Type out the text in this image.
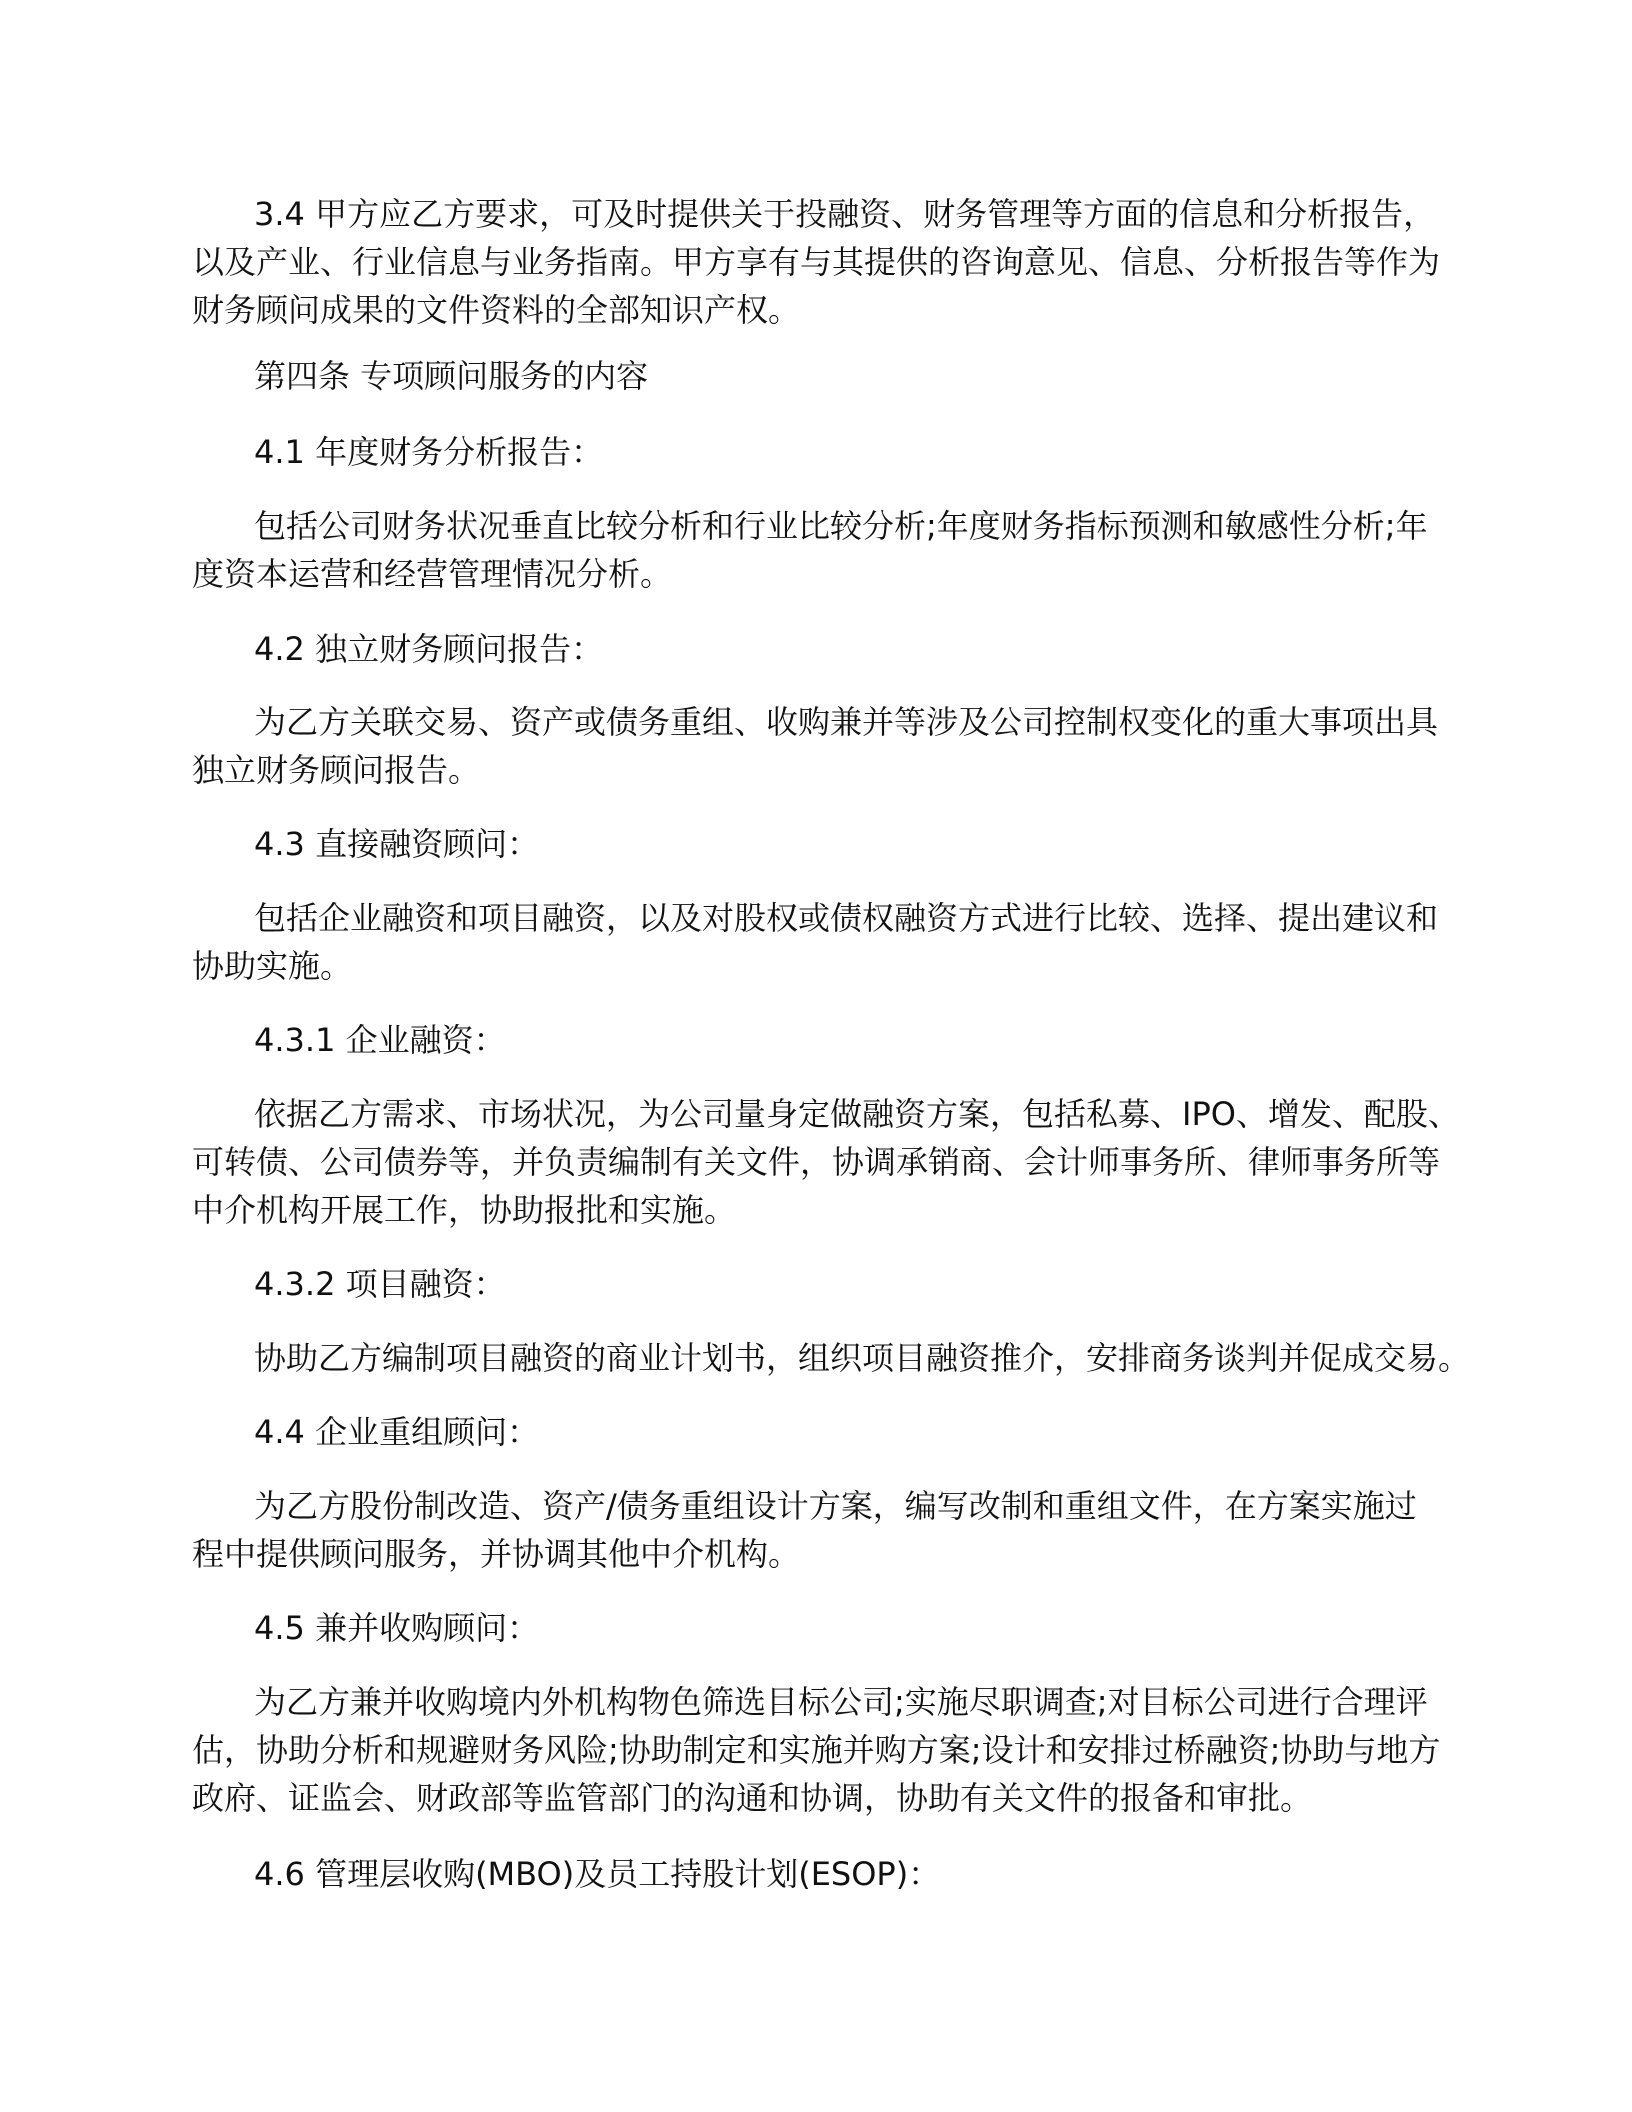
3.4 甲方应乙方要求，可及时提供关于投融资、财务管理等方面的信息和分析报告，
以及产业、行业信息与业务指南。甲方享有与其提供的咨询意见、信息、分析报告等作为
财务顾问成果的文件资料的全部知识产权。

第四条 专项顾问服务的内容

4.1 年度财务分析报告：

包括公司财务状况垂直比较分析和行业比较分析;年度财务指标预测和敏感性分析;年
度资本运营和经营管理情况分析。

4.2 独立财务顾问报告：

为乙方关联交易、资产或债务重组、收购兼并等涉及公司控制权变化的重大事项出具
独立财务顾问报告。

4.3 直接融资顾问：

包括企业融资和项目融资，以及对股权或债权融资方式进行比较、选择、提出建议和
协助实施。

4.3.1 企业融资：

依据乙方需求、市场状况，为公司量身定做融资方案，包括私募、IPO、增发、配股、
可转债、公司债券等，并负责编制有关文件，协调承销商、会计师事务所、律师事务所等
中介机构开展工作，协助报批和实施。

4.3.2 项目融资：

协助乙方编制项目融资的商业计划书，组织项目融资推介，安排商务谈判并促成交易。

4.4 企业重组顾问：

为乙方股份制改造、资产/债务重组设计方案，编写改制和重组文件，在方案实施过
程中提供顾问服务，并协调其他中介机构。

4.5 兼并收购顾问：

为乙方兼并收购境内外机构物色筛选目标公司;实施尽职调查;对目标公司进行合理评
估，协助分析和规避财务风险;协助制定和实施并购方案;设计和安排过桥融资;协助与地方
政府、证监会、财政部等监管部门的沟通和协调，协助有关文件的报备和审批。

4.6 管理层收购(MBO)及员工持股计划(ESOP)：
